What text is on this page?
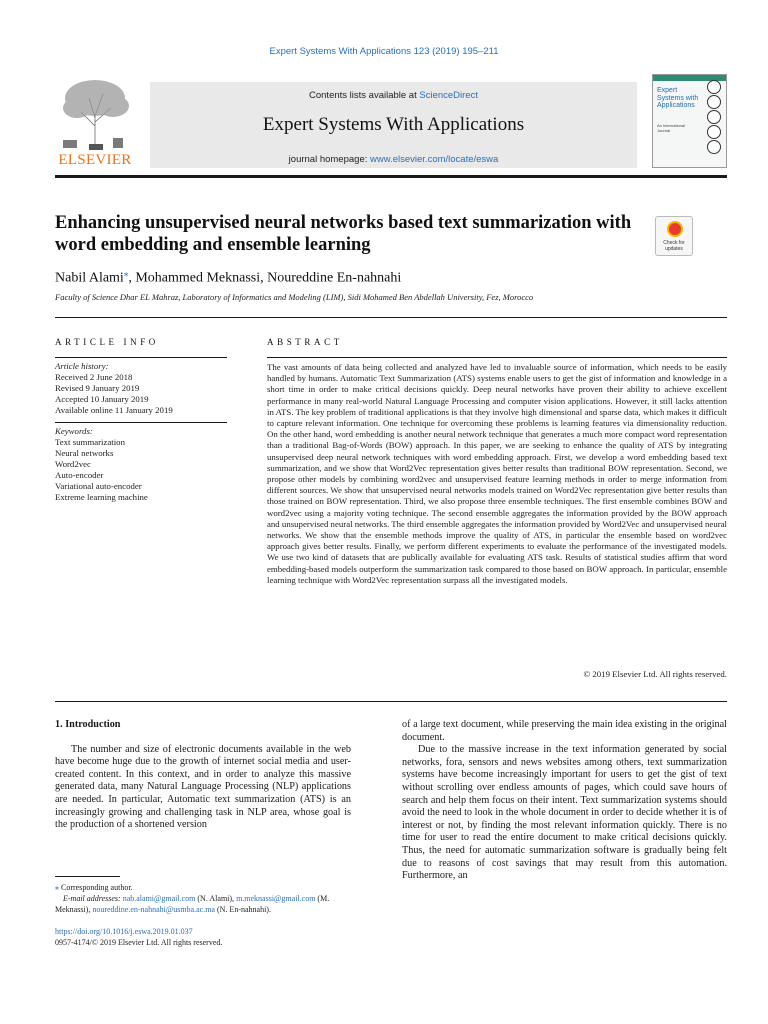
Expert Systems With Applications 123 (2019) 195–211
ELSEVIER
Contents lists available at ScienceDirect
Expert Systems With Applications
journal homepage: www.elsevier.com/locate/eswa
Expert Systems with Applications
An International Journal
Enhancing unsupervised neural networks based text summarization with word embedding and ensemble learning	Check for updates
Nabil Alami⁎, Mohammed Meknassi, Noureddine En-nahnahi
Faculty of Science Dhar EL Mahraz, Laboratory of Informatics and Modeling (LIM), Sidi Mohamed Ben Abdellah University, Fez, Morocco
ARTICLE INFO	ABSTRACT
Article history:
Received 2 June 2018
Revised 9 January 2019
Accepted 10 January 2019
Available online 11 January 2019
Keywords:
Text summarization
Neural networks
Word2vec
Auto-encoder
Variational auto-encoder
Extreme learning machine
The vast amounts of data being collected and analyzed have led to invaluable source of information, which needs to be easily handled by humans. Automatic Text Summarization (ATS) systems enable users to get the gist of information and knowledge in a short time in order to make critical decisions quickly. Deep neural networks have proven their ability to achieve excellent performance in many real-world Natural Language Processing and computer vision applications. However, it still lacks attention in ATS. The key problem of traditional applications is that they involve high dimensional and sparse data, which makes it difficult to capture relevant information. One technique for overcoming these problems is learning features via dimensionality reduction. On the other hand, word embedding is another neural network technique that generates a much more compact word representation than a traditional Bag-of-Words (BOW) approach. In this paper, we are seeking to enhance the quality of ATS by integrating unsupervised deep neural network techniques with word embedding approach. First, we develop a word embedding based text summarization, and we show that Word2Vec representation gives better results than traditional BOW representation. Second, we propose other models by combining word2vec and unsupervised feature learning methods in order to merge information from different sources. We show that unsupervised neural networks models trained on Word2Vec representation give better results than those trained on BOW representation. Third, we also propose three ensemble techniques. The first ensemble combines BOW and word2vec using a majority voting technique. The second ensemble aggregates the information provided by the BOW approach and unsupervised neural networks. The third ensemble aggregates the information provided by Word2Vec and unsupervised neural networks. We show that the ensemble methods improve the quality of ATS, in particular the ensemble based on word2vec approach gives better results. Finally, we perform different experiments to evaluate the performance of the investigated models. We use two kind of datasets that are publically available for evaluating ATS task. Results of statistical studies affirm that word embedding-based models outperform the summarization task compared to those based on BOW approach. In particular, ensemble learning technique with Word2Vec representation surpass all the investigated models.
© 2019 Elsevier Ltd. All rights reserved.
1. Introduction

The number and size of electronic documents available in the web have become huge due to the growth of internet social media and user-created content. In this context, and in order to analyze this massive generated data, many Natural Language Processing (NLP) applications are needed. In particular, Automatic text summarization (ATS) is an increasingly growing and challenging task in NLP area, whose goal is the production of a shortened version

of a large text document, while preserving the main idea existing in the original document.

Due to the massive increase in the text information generated by social networks, fora, sensors and news websites among others, text summarization systems have become increasingly important for users to get the gist of text without scrolling over endless amounts of pages, which could save hours of search and help them focus on their intent. Text summarization systems should avoid the need to look in the whole document in order to decide whether it is of interest or not, by finding the most relevant information quickly. There is no time for user to read the entire document to make critical decisions quickly. Thus, the need for automatic summarization software is gradually being felt due to reasons of cost savings that may result from this automation. Furthermore, an

⁎ Corresponding author.
E-mail addresses: nab.alami@gmail.com (N. Alami), m.meknassi@gmail.com (M. Meknassi), noureddine.en-nahnahi@usmba.ac.ma (N. En-nahnahi).
https://doi.org/10.1016/j.eswa.2019.01.037
0957-4174/© 2019 Elsevier Ltd. All rights reserved.
